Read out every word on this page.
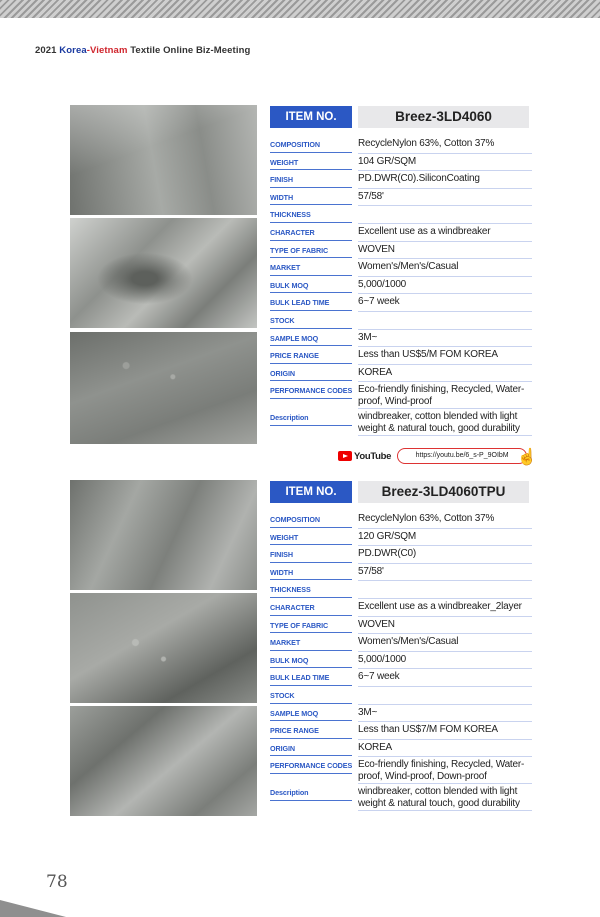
2021 Korea-Vietnam Textile Online Biz-Meeting
ITEM NO.	Breez-3LD4060
COMPOSITION	RecycleNylon 63%, Cotton 37%
WEIGHT	104 GR/SQM
FINISH	PD.DWR(C0).SiliconCoating
WIDTH	57/58'
THICKNESS
CHARACTER	Excellent use as a windbreaker
TYPE OF FABRIC	WOVEN
MARKET	Women's/Men's/Casual
BULK MOQ	5,000/1000
BULK LEAD TIME	6~7 week
STOCK
SAMPLE MOQ	3M~
PRICE RANGE	Less than US$5/M FOM KOREA
ORIGIN	KOREA
PERFORMANCE CODES Eco-friendly finishing, Recycled, Water-proof, Wind-proof
Description	windbreaker, cotton blended with light weight & natural touch, good durability
ITEM NO.	Breez-3LD4060TPU
COMPOSITION	RecycleNylon 63%, Cotton 37%
WEIGHT	120 GR/SQM
FINISH	PD.DWR(C0)
WIDTH	57/58'
THICKNESS
CHARACTER	Excellent use as a windbreaker_2layer
TYPE OF FABRIC	WOVEN
MARKET	Women's/Men's/Casual
BULK MOQ	5,000/1000
BULK LEAD TIME	6~7 week
STOCK
SAMPLE MOQ	3M~
PRICE RANGE	Less than US$7/M FOM KOREA
ORIGIN	KOREA
PERFORMANCE CODES Eco-friendly finishing, Recycled, Water-proof, Wind-proof, Down-proof
Description	windbreaker, cotton blended with light weight & natural touch, good durability
YouTube	https://youtu.be/6_s-P_9OIbM ☝
78
